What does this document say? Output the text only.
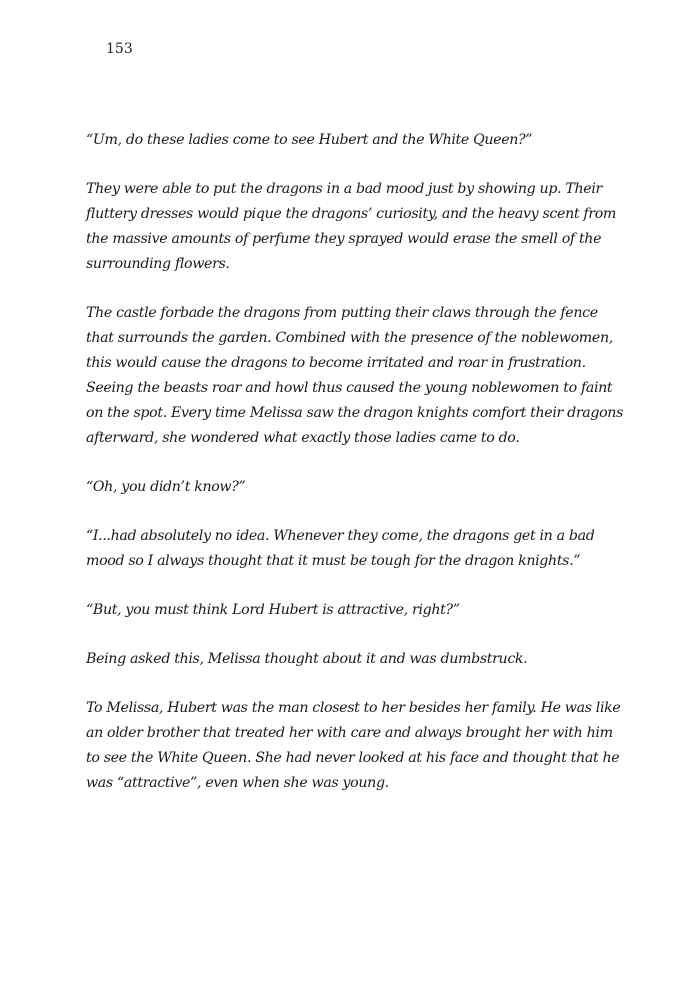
153

“Um, do these ladies come to see Hubert and the White Queen?”

They were able to put the dragons in a bad mood just by showing up. Their fluttery dresses would pique the dragons’ curiosity, and the heavy scent from the massive amounts of perfume they sprayed would erase the smell of the surrounding flowers.

The castle forbade the dragons from putting their claws through the fence that surrounds the garden. Combined with the presence of the noblewomen, this would cause the dragons to become irritated and roar in frustration. Seeing the beasts roar and howl thus caused the young noblewomen to faint on the spot. Every time Melissa saw the dragon knights comfort their dragons afterward, she wondered what exactly those ladies came to do.

“Oh, you didn’t know?”

“I...had absolutely no idea. Whenever they come, the dragons get in a bad mood so I always thought that it must be tough for the dragon knights.”

“But, you must think Lord Hubert is attractive, right?”

Being asked this, Melissa thought about it and was dumbstruck.

To Melissa, Hubert was the man closest to her besides her family. He was like an older brother that treated her with care and always brought her with him to see the White Queen. She had never looked at his face and thought that he was “attractive”, even when she was young.
